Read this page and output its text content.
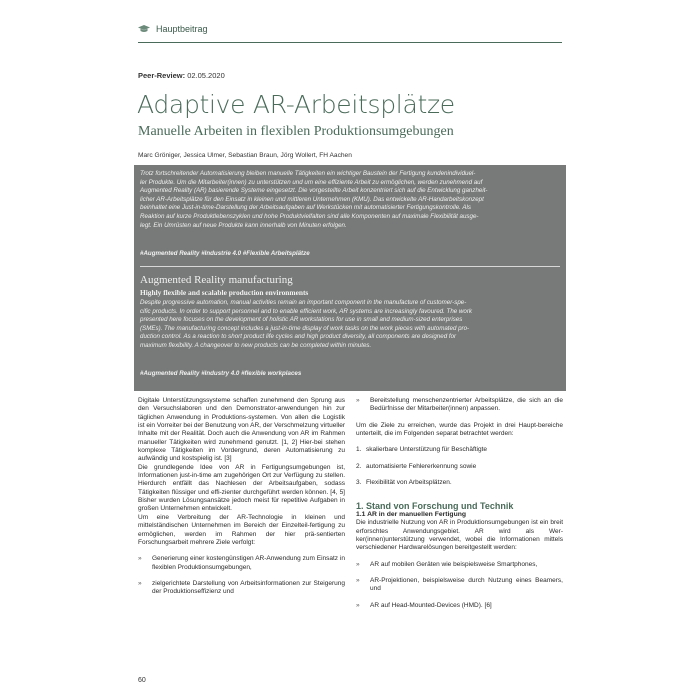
Hauptbeitrag
Peer-Review: 02.05.2020
Adaptive AR-Arbeitsplätze
Manuelle Arbeiten in flexiblen Produktionsumgebungen
Marc Gröniger, Jessica Ulmer, Sebastian Braun, Jörg Wollert, FH Aachen
Trotz fortschreitender Automatisierung bleiben manuelle Tätigkeiten ein wichtiger Baustein der Fertigung kundenindividuel-
ler Produkte. Um die Mitarbeiter(innen) zu unterstützen und um eine effiziente Arbeit zu ermöglichen, werden zunehmend auf
Augmented Reality (AR) basierende Systeme eingesetzt. Die vorgestellte Arbeit konzentriert sich auf die Entwicklung ganzheit-
licher AR-Arbeitsplätze für den Einsatz in kleinen und mittleren Unternehmen (KMU). Das entwickelte AR-Handarbeitskonzept
beinhaltet eine Just-in-time-Darstellung der Arbeitsaufgaben auf Werkstücken mit automatisierter Fertigungskontrolle. Als
Reaktion auf kurze Produktlebenszyklen und hohe Produktvielfalten sind alle Komponenten auf maximale Flexibilität ausge-
legt. Ein Umrüsten auf neue Produkte kann innerhalb von Minuten erfolgen.
#Augmented Reality #Industrie 4.0 #Flexible Arbeitsplätze
Augmented Reality manufacturing
Highly flexible and scalable production environments
Despite progressive automation, manual activities remain an important component in the manufacture of customer-spe-
cific products. In order to support personnel and to enable efficient work, AR systems are increasingly favoured. The work
presented here focuses on the development of holistic AR workstations for use in small and medium-sized enterprises
(SMEs). The manufacturing concept includes a just-in-time display of work tasks on the work pieces with automated pro-
duction control. As a reaction to short product life cycles and high product diversity, all components are designed for
maximum flexibility. A changeover to new products can be completed within minutes.
#Augmented Reality #Industry 4.0 #flexible workplaces

Digitale Unterstützungssysteme schaffen zunehmend den Sprung aus den Versuchslaboren und den Demonstrator-anwendungen hin zur täglichen Anwendung in Produktions-systemen. Von allen die Logistik ist ein Vorreiter bei der Benutzung von AR, der Verschmelzung virtueller Inhalte mit der Realität. Doch auch die Anwendung von AR im Rahmen manueller Tätigkeiten wird zunehmend genutzt. [1, 2] Hier-bei stehen komplexe Tätigkeiten im Vordergrund, deren Automatisierung zu aufwändig und kostspielig ist. [3]

Die grundlegende Idee von AR in Fertigungsumgebungen ist, Informationen just-in-time am zugehörigen Ort zur Verfügung zu stellen. Hierdurch entfällt das Nachlesen der Arbeitsaufgaben, sodass Tätigkeiten flüssiger und effi-zienter durchgeführt werden können. [4, 5] Bisher wurden Lösungsansätze jedoch meist für repetitive Aufgaben in großen Unternehmen entwickelt.

Um eine Verbreitung der AR-Technologie in kleinen und mittelständischen Unternehmen im Bereich der Einzelteil-fertigung zu ermöglichen, werden im Rahmen der hier prä-sentierten Forschungsarbeit mehrere Ziele verfolgt:

»	Generierung einer kostengünstigen AR-Anwendung zum Einsatz in flexiblen Produktionsumgebungen,
»	zielgerichtete Darstellung von Arbeitsinformationen zur Steigerung der Produktionseffizienz und
»	Bereitstellung menschenzentrierter Arbeitsplätze, die sich an die Bedürfnisse der Mitarbeiter(innen) anpassen.

Um die Ziele zu erreichen, wurde das Projekt in drei Haupt-bereiche unterteilt, die im Folgenden separat betrachtet werden:

1. skalierbare Unterstützung für Beschäftigte
2. automatisierte Fehlererkennung sowie
3. Flexibilität von Arbeitsplätzen.

1. Stand von Forschung und Technik

1.1 AR in der manuellen Fertigung

Die industrielle Nutzung von AR in Produktionsumgebungen ist ein breit erforschtes Anwendungsgebiet. AR wird als Wer-ker(innen)unterstützung verwendet, wobei die Informationen mittels verschiedener Hardwarelösungen bereitgestellt werden:

»	AR auf mobilen Geräten wie beispielsweise Smartphones,
»	AR-Projektionen, beispielsweise durch Nutzung eines Beamers, und
»	AR auf Head-Mounted-Devices (HMD). [6]
60
